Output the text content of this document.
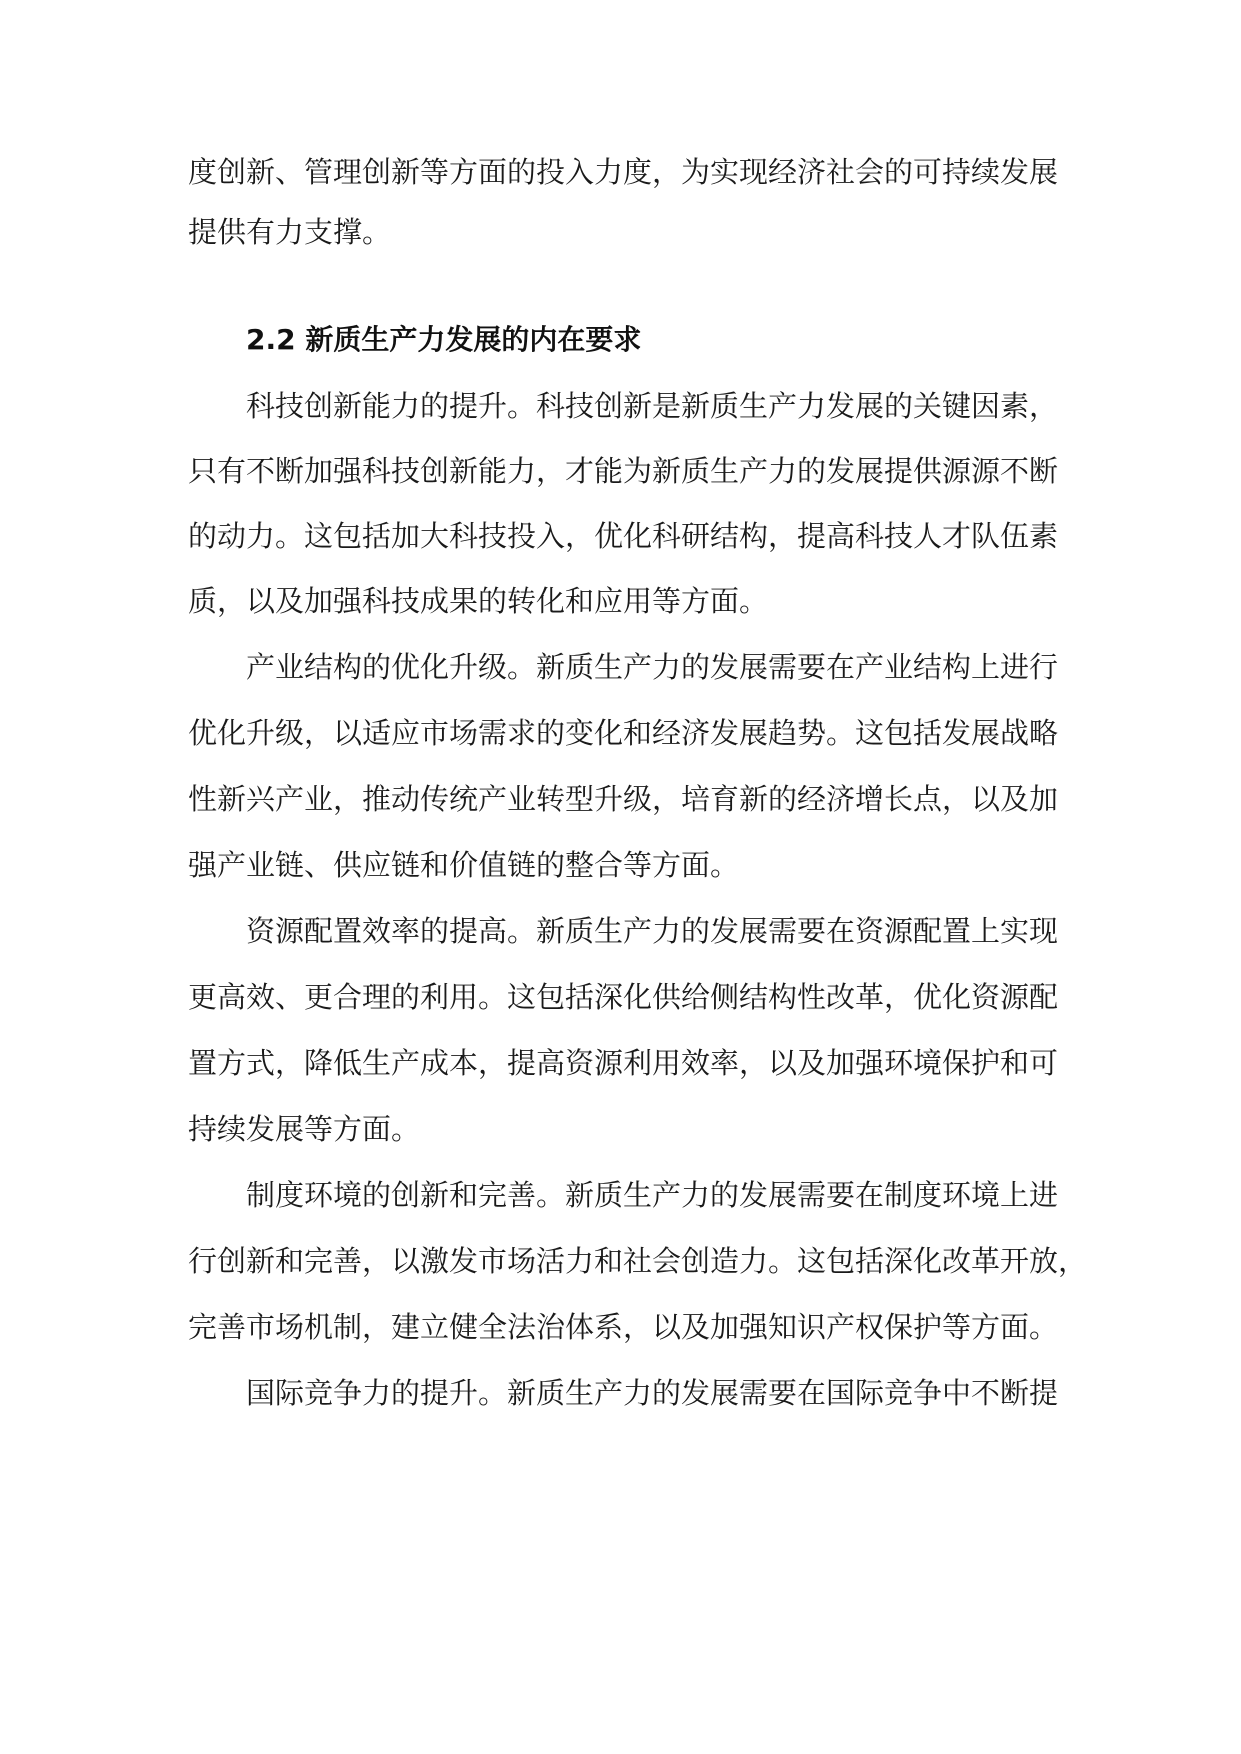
度创新、管理创新等方面的投入力度，为实现经济社会的可持续发展
提供有力支撑。
2.2 新质生产力发展的内在要求
科技创新能力的提升。科技创新是新质生产力发展的关键因素，
只有不断加强科技创新能力，才能为新质生产力的发展提供源源不断
的动力。这包括加大科技投入，优化科研结构，提高科技人才队伍素
质，以及加强科技成果的转化和应用等方面。
产业结构的优化升级。新质生产力的发展需要在产业结构上进行
优化升级，以适应市场需求的变化和经济发展趋势。这包括发展战略
性新兴产业，推动传统产业转型升级，培育新的经济增长点，以及加
强产业链、供应链和价值链的整合等方面。
资源配置效率的提高。新质生产力的发展需要在资源配置上实现
更高效、更合理的利用。这包括深化供给侧结构性改革，优化资源配
置方式，降低生产成本，提高资源利用效率，以及加强环境保护和可
持续发展等方面。
制度环境的创新和完善。新质生产力的发展需要在制度环境上进
行创新和完善，以激发市场活力和社会创造力。这包括深化改革开放，
完善市场机制，建立健全法治体系，以及加强知识产权保护等方面。
国际竞争力的提升。新质生产力的发展需要在国际竞争中不断提
